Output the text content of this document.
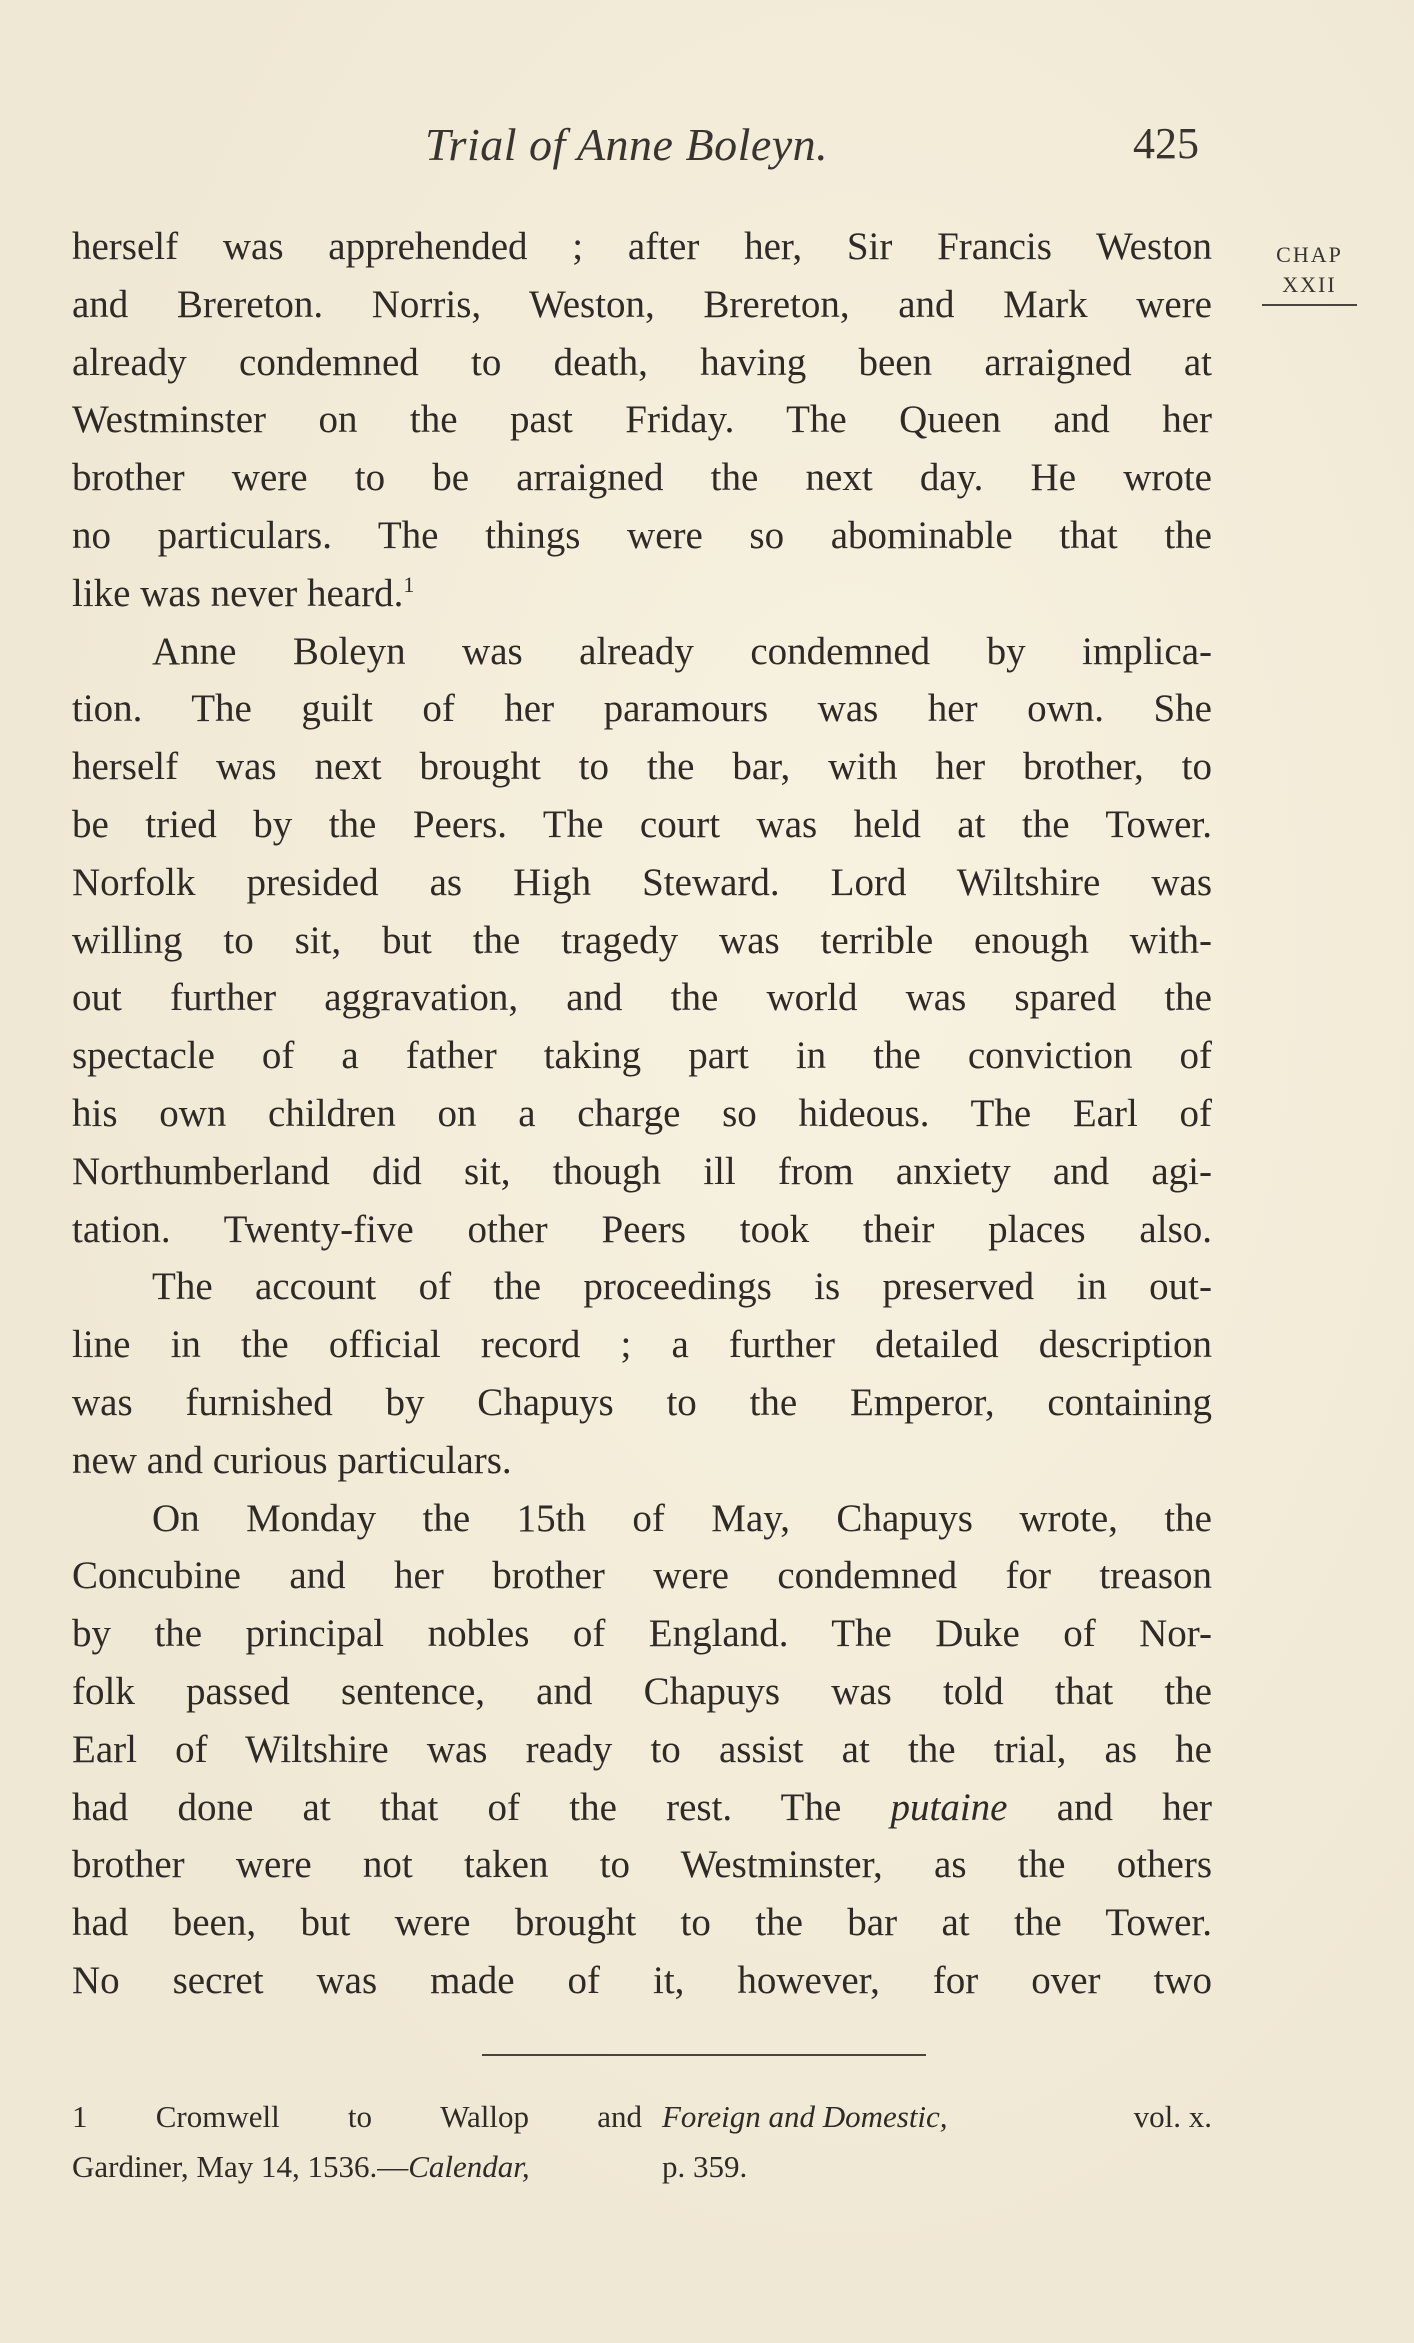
Trial of Anne Boleyn.	425
CHAP
XXII
herself was apprehended ; after her, Sir Francis Weston
and Brereton. Norris, Weston, Brereton, and Mark were
already condemned to death, having been arraigned at
Westminster on the past Friday. The Queen and her
brother were to be arraigned the next day. He wrote
no particulars. The things were so abominable that the
like was never heard.$^1$
Anne Boleyn was already condemned by implica-
tion. The guilt of her paramours was her own. She
herself was next brought to the bar, with her brother, to
be tried by the Peers. The court was held at the Tower.
Norfolk presided as High Steward. Lord Wiltshire was
willing to sit, but the tragedy was terrible enough with-
out further aggravation, and the world was spared the
spectacle of a father taking part in the conviction of
his own children on a charge so hideous. The Earl of
Northumberland did sit, though ill from anxiety and agi-
tation. Twenty-five other Peers took their places also.
The account of the proceedings is preserved in out-
line in the official record ; a further detailed description
was furnished by Chapuys to the Emperor, containing
new and curious particulars.
On Monday the 15th of May, Chapuys wrote, the
Concubine and her brother were condemned for treason
by the principal nobles of England. The Duke of Nor-
folk passed sentence, and Chapuys was told that the
Earl of Wiltshire was ready to assist at the trial, as he
had done at that of the rest. The putaine and her
brother were not taken to Westminster, as the others
had been, but were brought to the bar at the Tower.
No secret was made of it, however, for over two
1 Cromwell to Wallop and Foreign and Domestic,	vol. x.
Gardiner, May 14, 1536.— Calendar,	p. 359.
